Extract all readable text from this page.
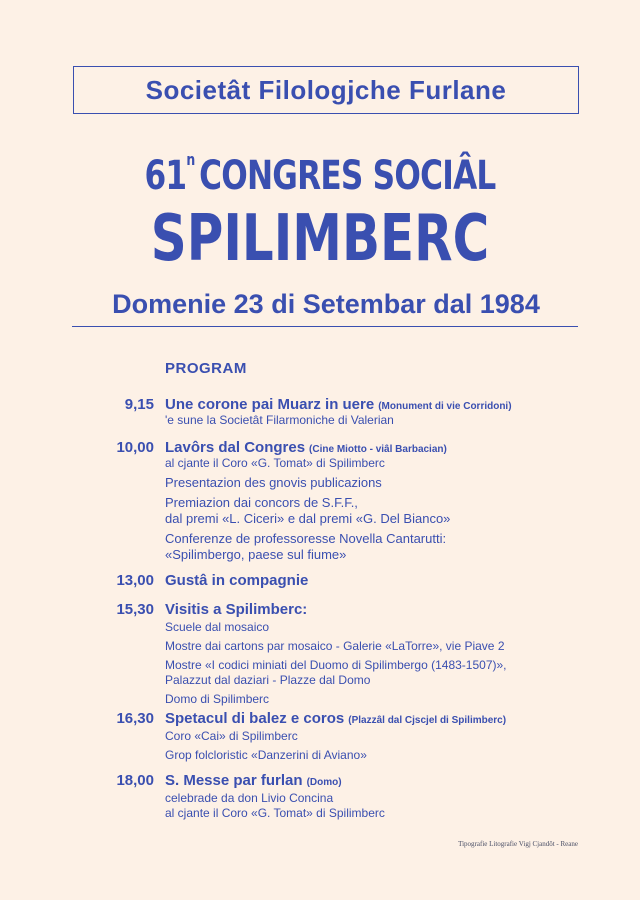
Societât Filologjche Furlane
61$^n$ CONGRES SOCIÂL
SPILIMBERC
Domenie 23 di Setembar dal 1984
PROGRAM
9,15 Une corone pai Muarz in uere (Monument di vie Corridoni)
'e sune la Societât Filarmoniche di Valerian
10,00 Lavôrs dal Congres (Cine Miotto - viâl Barbacian)
al cjante il Coro «G. Tomat» di Spilimberc
Presentazion des gnovis publicazions
Premiazion dai concors de S.F.F.,
dal premi «L. Ciceri» e dal premi «G. Del Bianco»
Conferenze de professoresse Novella Cantarutti:
«Spilimbergo, paese sul fiume»
13,00 Gustâ in compagnie
15,30 Visitis a Spilimberc:
Scuele dal mosaico
Mostre dai cartons par mosaico - Galerie «LaTorre», vie Piave 2
Mostre «I codici miniati del Duomo di Spilimbergo (1483-1507)»,
Palazzut dal daziari - Plazze dal Domo
Domo di Spilimberc
16,30 Spetacul di balez e coros (Plazzâl dal Cjscjel di Spilimberc)
Coro «Cai» di Spilimberc
Grop folcloristic «Danzerini di Aviano»
18,00 S. Messe par furlan (Domo)
celebrade da don Livio Concina
al cjante il Coro «G. Tomat» di Spilimberc
Tipografie Litografie Vigj Cjandôt - Reane
